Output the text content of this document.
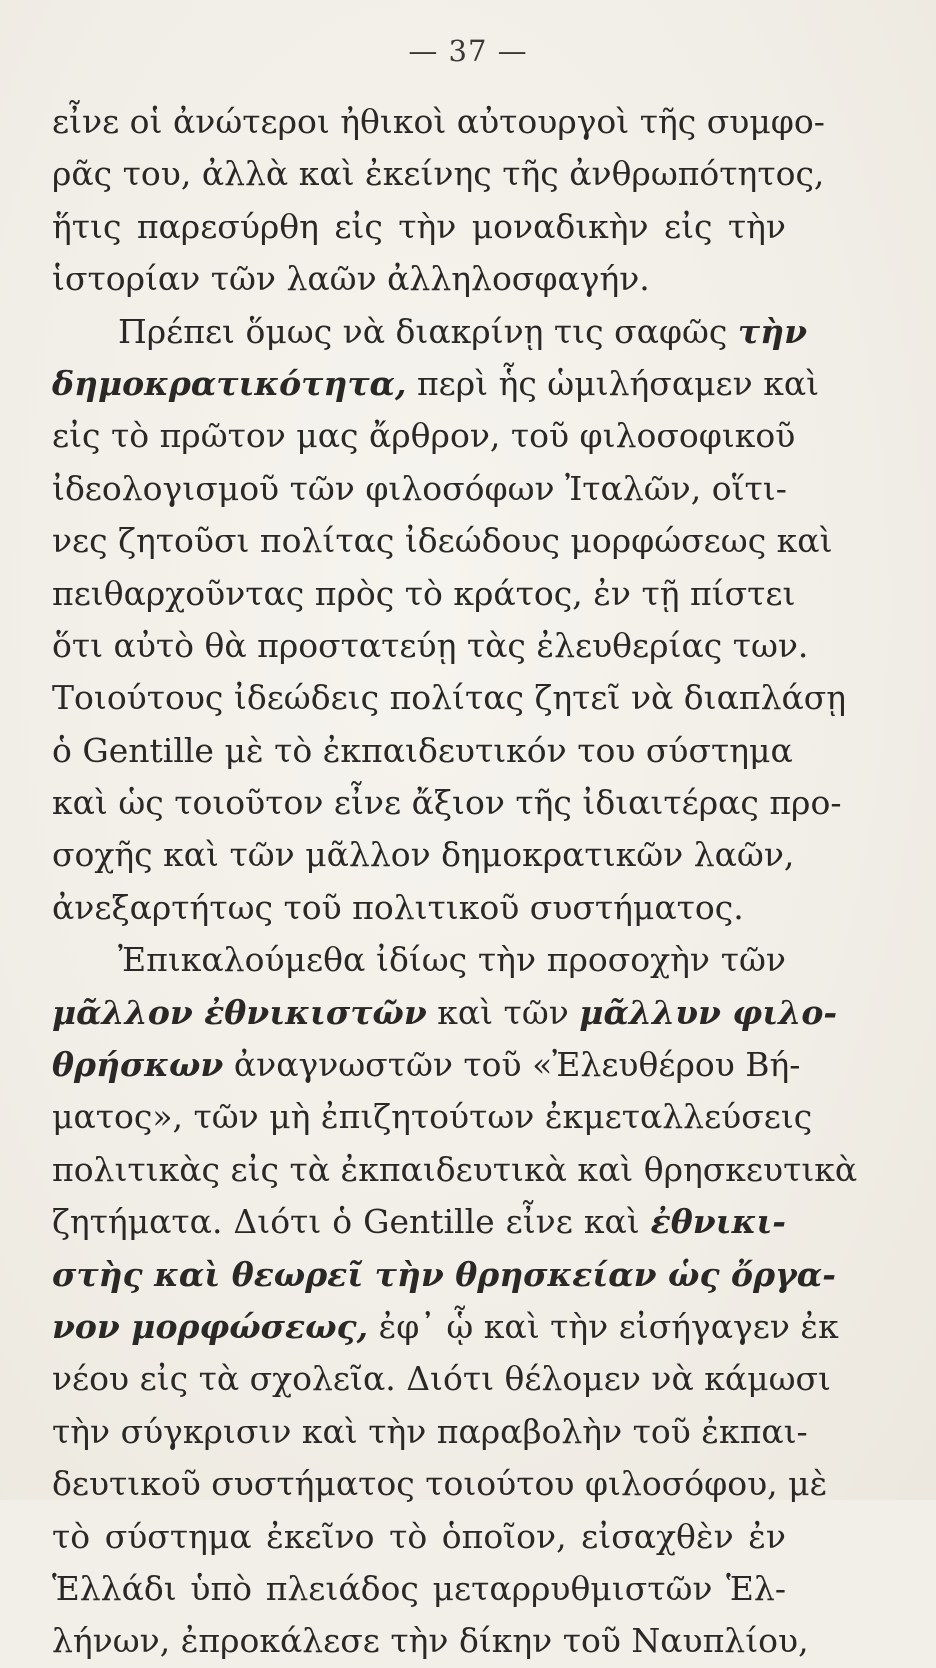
— 37 —
εἶνε οἱ ἀνώτεροι ἠθικοὶ αὐτουργοὶ τῆς συμφο-
ρᾶς του, ἀλλὰ καὶ ἐκείνης τῆς ἀνθρωπότητος,
ἥτις παρεσύρθη εἰς τὴν μοναδικὴν εἰς τὴν
ἱστορίαν τῶν λαῶν ἀλληλοσφαγήν.
Πρέπει ὅμως νὰ διακρίνῃ τις σαφῶς τὴν
δημοκρατικότητα, περὶ ἧς ὡμιλήσαμεν καὶ
εἰς τὸ πρῶτον μας ἄρθρον, τοῦ φιλοσοφικοῦ
ἰδεολογισμοῦ τῶν φιλοσόφων Ἰταλῶν, οἵτι-
νες ζητοῦσι πολίτας ἰδεώδους μορφώσεως καὶ
πειθαρχοῦντας πρὸς τὸ κράτος, ἐν τῇ πίστει
ὅτι αὐτὸ θὰ προστατεύῃ τὰς ἐλευθερίας των.
Τοιούτους ἰδεώδεις πολίτας ζητεῖ νὰ διαπλάσῃ
ὁ Gentille μὲ τὸ ἐκπαιδευτικόν του σύστημα
καὶ ὡς τοιοῦτον εἶνε ἄξιον τῆς ἰδιαιτέρας προ-
σοχῆς καὶ τῶν μᾶλλον δημοκρατικῶν λαῶν,
ἀνεξαρτήτως τοῦ πολιτικοῦ συστήματος.
Ἐπικαλούμεθα ἰδίως τὴν προσοχὴν τῶν
μᾶλλον ἐθνικιστῶν καὶ τῶν μᾶλλυν φιλο-
θρήσκων ἀναγνωστῶν τοῦ «Ἐλευθέρου Βή-
ματος», τῶν μὴ ἐπιζητούτων ἐκμεταλλεύσεις
πολιτικὰς εἰς τὰ ἐκπαιδευτικὰ καὶ θρησκευτικὰ
ζητήματα. Διότι ὁ Gentille εἶνε καὶ ἐθνικι-
στὴς καὶ θεωρεῖ τὴν θρησκείαν ὡς ὄργα-
νον μορφώσεως, ἐφ᾽ ᾧ καὶ τὴν εἰσήγαγεν ἐκ
νέου εἰς τὰ σχολεῖα. Διότι θέλομεν νὰ κάμωσι
τὴν σύγκρισιν καὶ τὴν παραβολὴν τοῦ ἐκπαι-
δευτικοῦ συστήματος τοιούτου φιλοσόφου, μὲ
τὸ σύστημα ἐκεῖνο τὸ ὁποῖον, εἰσαχθὲν ἐν
Ἑλλάδι ὑπὸ πλειάδος μεταρρυθμιστῶν Ἑλ-
λήνων, ἐπροκάλεσε τὴν δίκην τοῦ Ναυπλίου,
